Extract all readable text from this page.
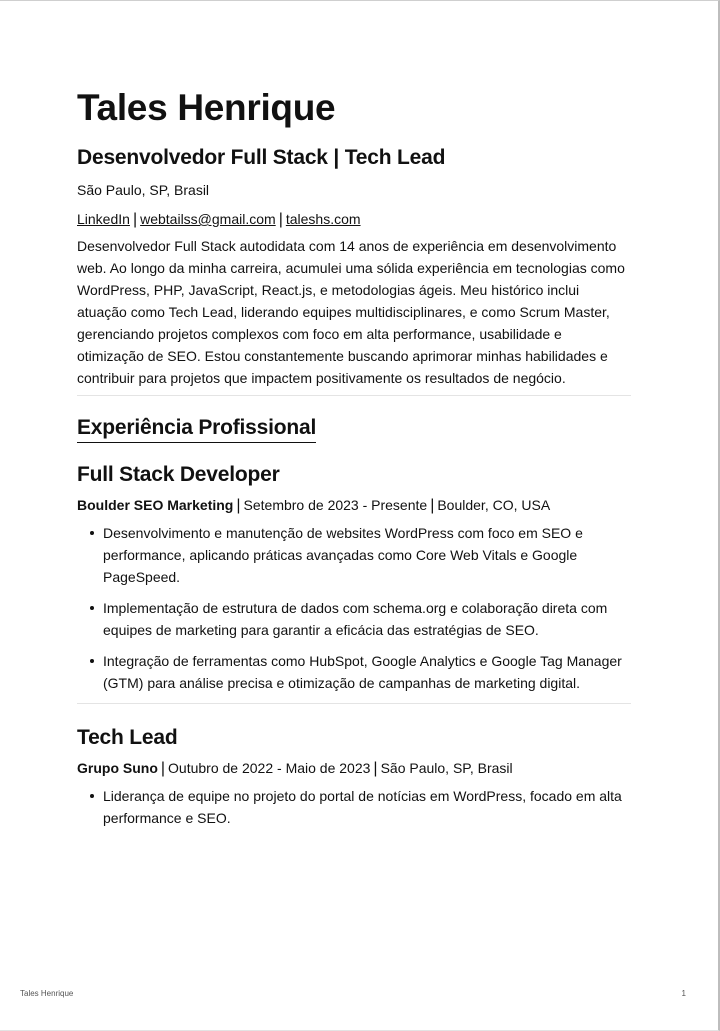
Tales Henrique
Desenvolvedor Full Stack | Tech Lead
São Paulo, SP, Brasil
LinkedIn | webtailss@gmail.com | taleshs.com

Desenvolvedor Full Stack autodidata com 14 anos de experiência em desenvolvimento web. Ao longo da minha carreira, acumulei uma sólida experiência em tecnologias como WordPress, PHP, JavaScript, React.js, e metodologias ágeis. Meu histórico inclui atuação como Tech Lead, liderando equipes multidisciplinares, e como Scrum Master, gerenciando projetos complexos com foco em alta performance, usabilidade e otimização de SEO. Estou constantemente buscando aprimorar minhas habilidades e contribuir para projetos que impactem positivamente os resultados de negócio.

Experiência Profissional
Full Stack Developer
Boulder SEO Marketing | Setembro de 2023 - Presente | Boulder, CO, USA
Desenvolvimento e manutenção de websites WordPress com foco em SEO e performance, aplicando práticas avançadas como Core Web Vitals e Google PageSpeed.
Implementação de estrutura de dados com schema.org e colaboração direta com equipes de marketing para garantir a eficácia das estratégias de SEO.
Integração de ferramentas como HubSpot, Google Analytics e Google Tag Manager (GTM) para análise precisa e otimização de campanhas de marketing digital.
Tech Lead
Grupo Suno | Outubro de 2022 - Maio de 2023 | São Paulo, SP, Brasil
Liderança de equipe no projeto do portal de notícias em WordPress, focado em alta performance e SEO.
Tales Henrique	1
